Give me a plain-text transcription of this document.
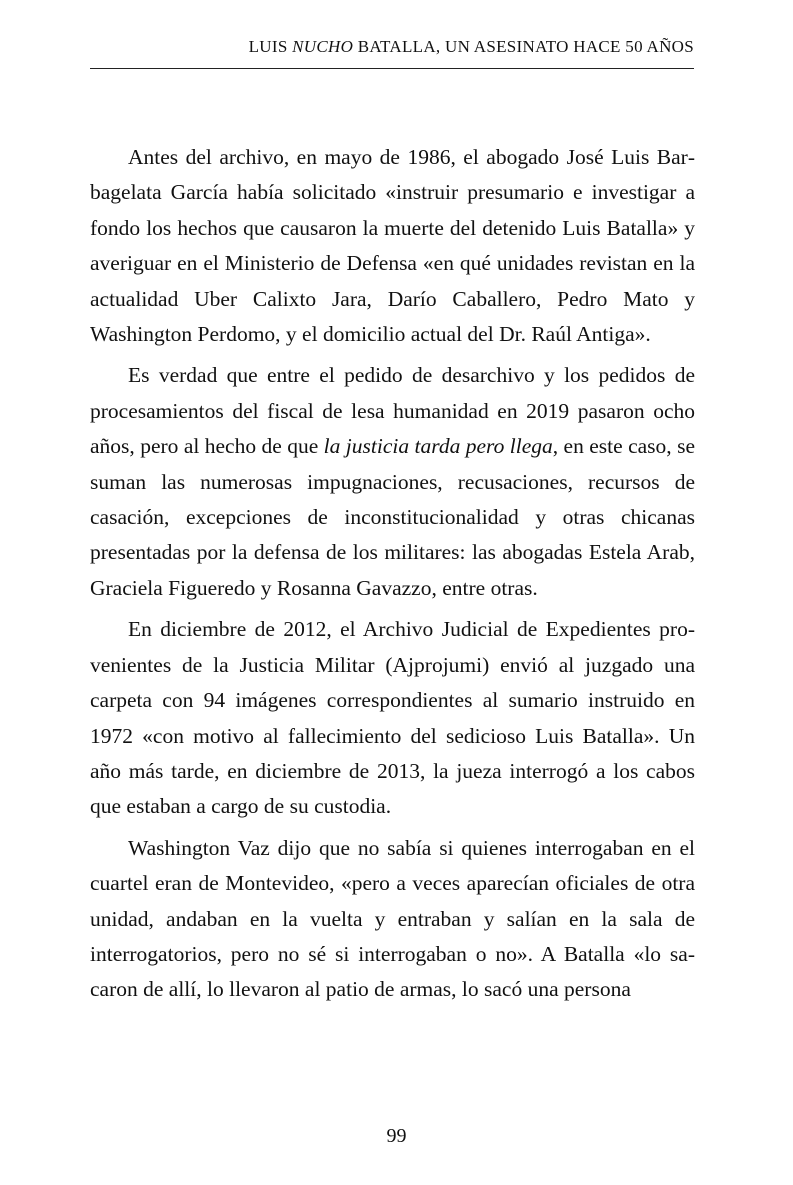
LUIS NUCHO BATALLA, UN ASESINATO HACE 50 AÑOS

Antes del archivo, en mayo de 1986, el abogado José Luis Barbagelata García había solicitado «instruir presumario e investigar a fondo los hechos que causaron la muerte del detenido Luis Batalla» y averiguar en el Ministerio de Defensa «en qué unidades revistan en la actualidad Uber Calixto Jara, Darío Caballero, Pedro Mato y Washington Perdomo, y el domicilio actual del Dr. Raúl Antiga».

Es verdad que entre el pedido de desarchivo y los pedidos de procesamientos del fiscal de lesa humanidad en 2019 pasaron ocho años, pero al hecho de que la justicia tarda pero llega, en este caso, se suman las numerosas impugnaciones, recusaciones, recursos de casación, excepciones de inconstitucionalidad y otras chicanas presentadas por la defensa de los militares: las abogadas Estela Arab, Graciela Figueredo y Rosanna Gavazzo, entre otras.

En diciembre de 2012, el Archivo Judicial de Expedientes provenientes de la Justicia Militar (Ajprojumi) envió al juzgado una carpeta con 94 imágenes correspondientes al sumario instruido en 1972 «con motivo al fallecimiento del sedicioso Luis Batalla». Un año más tarde, en diciembre de 2013, la jueza interrogó a los cabos que estaban a cargo de su custodia.

Washington Vaz dijo que no sabía si quienes interrogaban en el cuartel eran de Montevideo, «pero a veces aparecían oficiales de otra unidad, andaban en la vuelta y entraban y salían en la sala de interrogatorios, pero no sé si interrogaban o no». A Batalla «lo sacaron de allí, lo llevaron al patio de armas, lo sacó una persona

99
